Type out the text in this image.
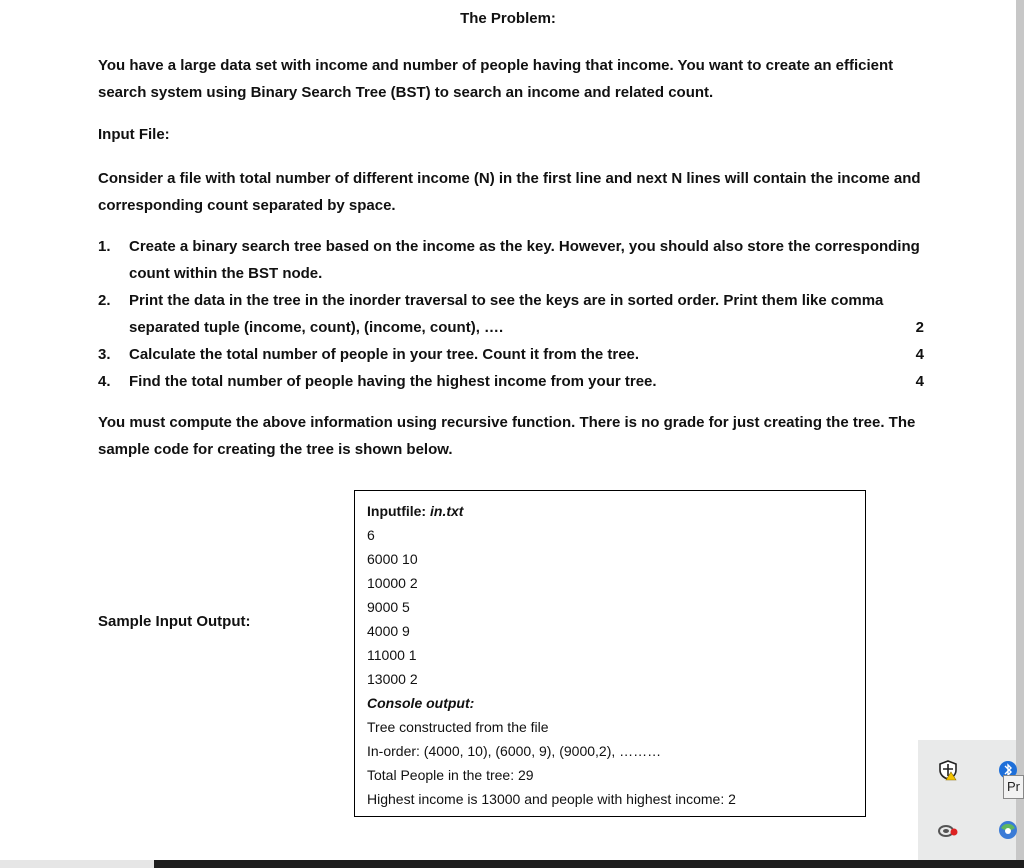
The Problem:

You have a large data set with income and number of people having that income. You want to create an efficient search system using Binary Search Tree (BST) to search an income and related count.

Input File:

Consider a file with total number of different income (N) in the first line and next N lines will contain the income and corresponding count separated by space.

1. Create a binary search tree based on the income as the key. However, you should also store the corresponding count within the BST node.
2. Print the data in the tree in the inorder traversal to see the keys are in sorted order. Print them like comma separated tuple (income, count), (income, count), ….	2
3. Calculate the total number of people in your tree. Count it from the tree.	4
4. Find the total number of people having the highest income from your tree.	4

You must compute the above information using recursive function. There is no grade for just creating the tree. The sample code for creating the tree is shown below.

Sample Input Output:
Inputfile: in.txt
6
6000 10
10000 2
9000 5
4000 9
11000 1
13000 2
Console output:
Tree constructed from the file
In-order: (4000, 10), (6000, 9), (9000,2), ………
Total People in the tree: 29
Highest income is 13000 and people with highest income: 2
Pr
